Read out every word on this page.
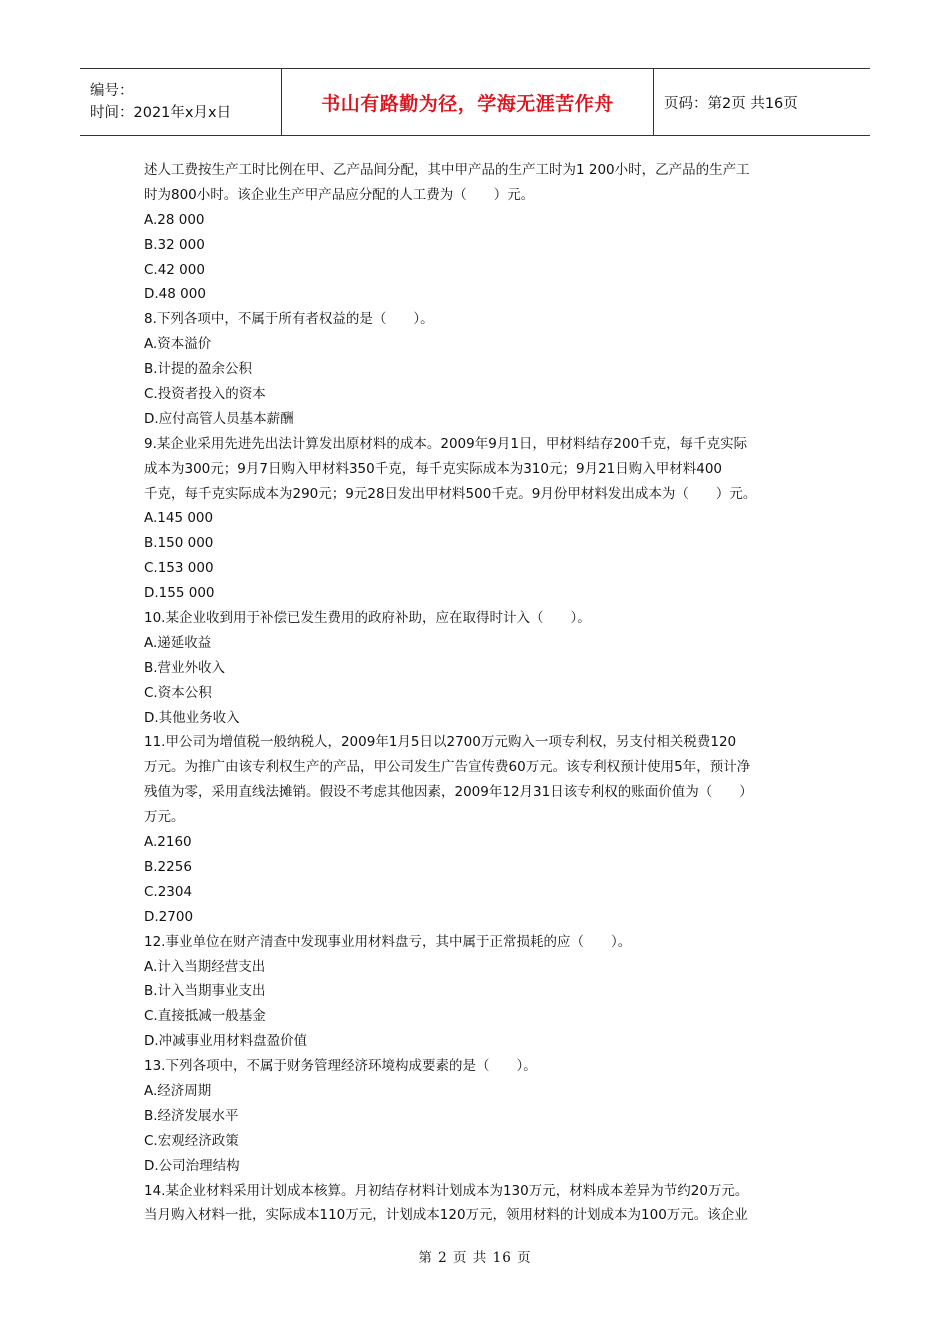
编号：
时间：2021年x月x日	书山有路勤为径，学海无涯苦作舟	页码：第2页 共16页
述人工费按生产工时比例在甲、乙产品间分配，其中甲产品的生产工时为1 200小时，乙产品的生产工
时为800小时。该企业生产甲产品应分配的人工费为（　　）元。
A.28 000
B.32 000
C.42 000
D.48 000
8.下列各项中，不属于所有者权益的是（　　）。
A.资本溢价
B.计提的盈余公积
C.投资者投入的资本
D.应付高管人员基本薪酬
9.某企业采用先进先出法计算发出原材料的成本。2009年9月1日，甲材料结存200千克，每千克实际
成本为300元；9月7日购入甲材料350千克，每千克实际成本为310元；9月21日购入甲材料400
千克，每千克实际成本为290元；9元28日发出甲材料500千克。9月份甲材料发出成本为（　　）元。
A.145 000
B.150 000
C.153 000
D.155 000
10.某企业收到用于补偿已发生费用的政府补助，应在取得时计入（　　）。
A.递延收益
B.营业外收入
C.资本公积
D.其他业务收入
11.甲公司为增值税一般纳税人，2009年1月5日以2700万元购入一项专利权，另支付相关税费120
万元。为推广由该专利权生产的产品，甲公司发生广告宣传费60万元。该专利权预计使用5年，预计净
残值为零，采用直线法摊销。假设不考虑其他因素，2009年12月31日该专利权的账面价值为（　　）
万元。
A.2160
B.2256
C.2304
D.2700
12.事业单位在财产清查中发现事业用材料盘亏，其中属于正常损耗的应（　　）。
A.计入当期经营支出
B.计入当期事业支出
C.直接抵减一般基金
D.冲减事业用材料盘盈价值
13.下列各项中，不属于财务管理经济环境构成要素的是（　　）。
A.经济周期
B.经济发展水平
C.宏观经济政策
D.公司治理结构
14.某企业材料采用计划成本核算。月初结存材料计划成本为130万元，材料成本差异为节约20万元。
当月购入材料一批，实际成本110万元，计划成本120万元，领用材料的计划成本为100万元。该企业
第 2 页 共 16 页
